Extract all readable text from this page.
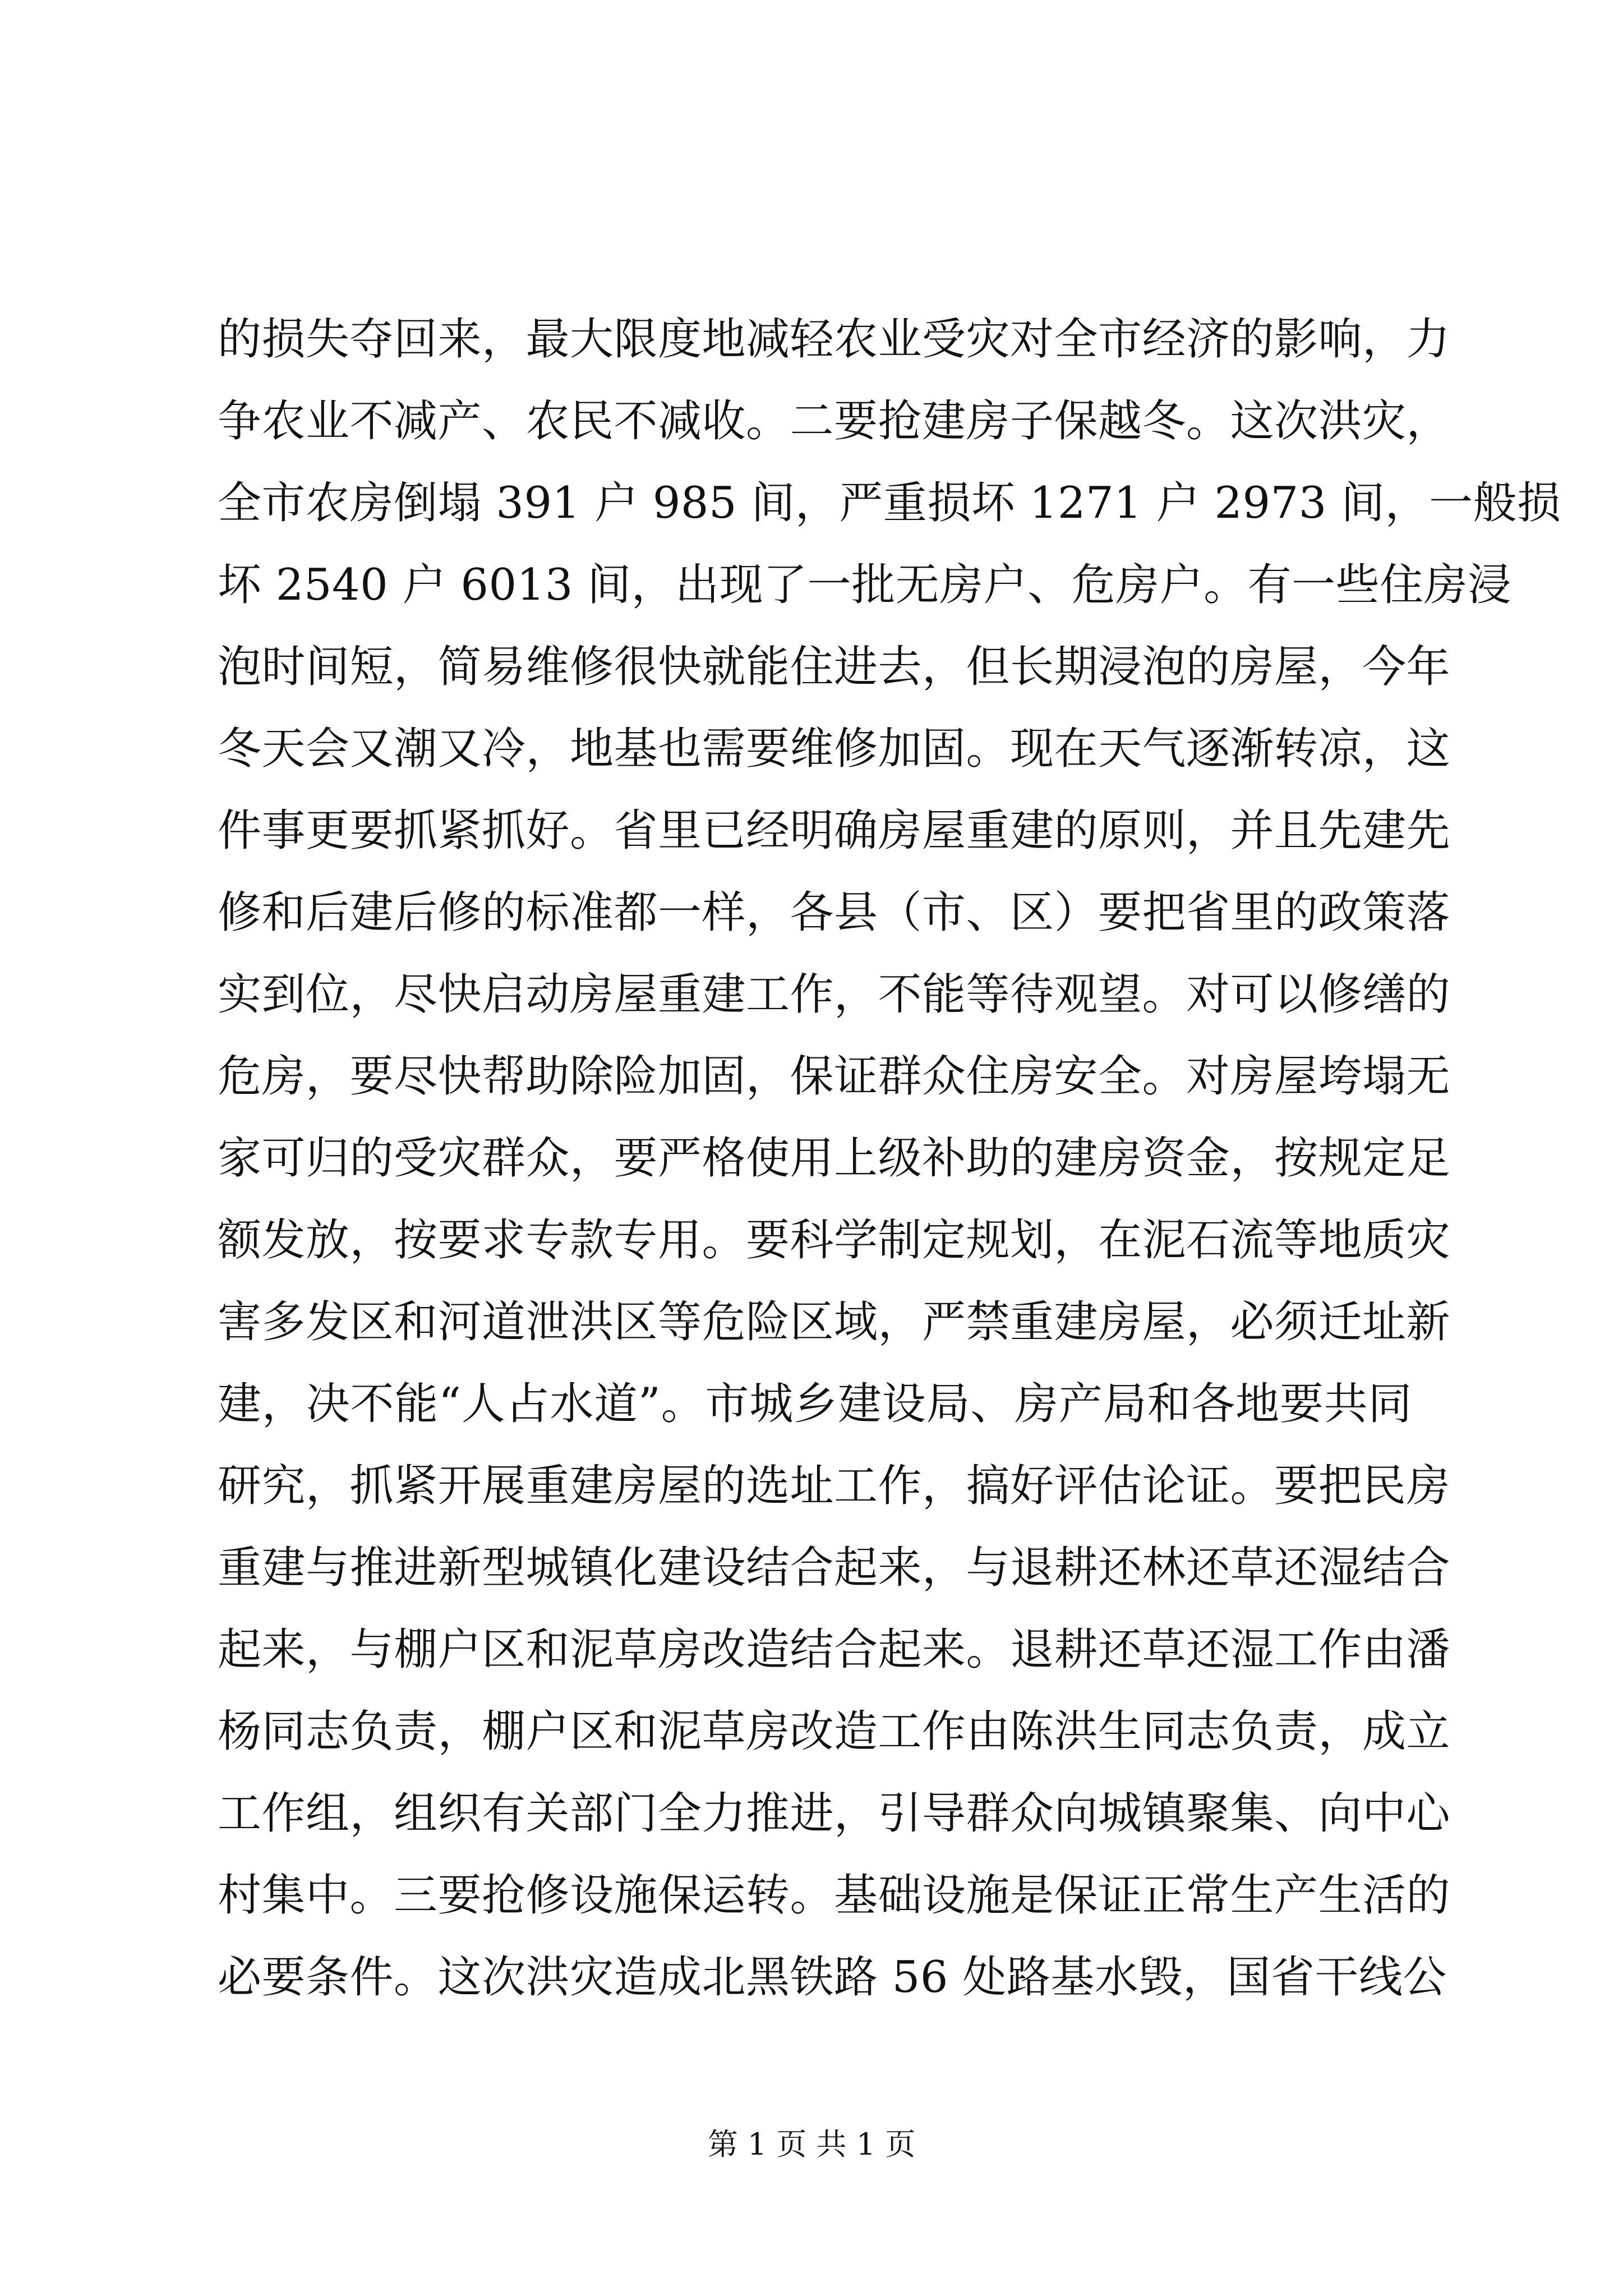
的损失夺回来，最大限度地减轻农业受灾对全市经济的影响，力
争农业不减产、农民不减收。二要抢建房子保越冬。这次洪灾，
全市农房倒塌 391 户 985 间，严重损坏 1271 户 2973 间，一般损
坏 2540 户 6013 间，出现了一批无房户、危房户。有一些住房浸
泡时间短，简易维修很快就能住进去，但长期浸泡的房屋，今年
冬天会又潮又冷，地基也需要维修加固。现在天气逐渐转凉，这
件事更要抓紧抓好。省里已经明确房屋重建的原则，并且先建先
修和后建后修的标准都一样，各县（市、区）要把省里的政策落
实到位，尽快启动房屋重建工作，不能等待观望。对可以修缮的
危房，要尽快帮助除险加固，保证群众住房安全。对房屋垮塌无
家可归的受灾群众，要严格使用上级补助的建房资金，按规定足
额发放，按要求专款专用。要科学制定规划，在泥石流等地质灾
害多发区和河道泄洪区等危险区域，严禁重建房屋，必须迁址新
建，决不能“人占水道”。市城乡建设局、房产局和各地要共同
研究，抓紧开展重建房屋的选址工作，搞好评估论证。要把民房
重建与推进新型城镇化建设结合起来，与退耕还林还草还湿结合
起来，与棚户区和泥草房改造结合起来。退耕还草还湿工作由潘
杨同志负责，棚户区和泥草房改造工作由陈洪生同志负责，成立
工作组，组织有关部门全力推进，引导群众向城镇聚集、向中心
村集中。三要抢修设施保运转。基础设施是保证正常生产生活的
必要条件。这次洪灾造成北黑铁路 56 处路基水毁，国省干线公
第 1 页 共 1 页
